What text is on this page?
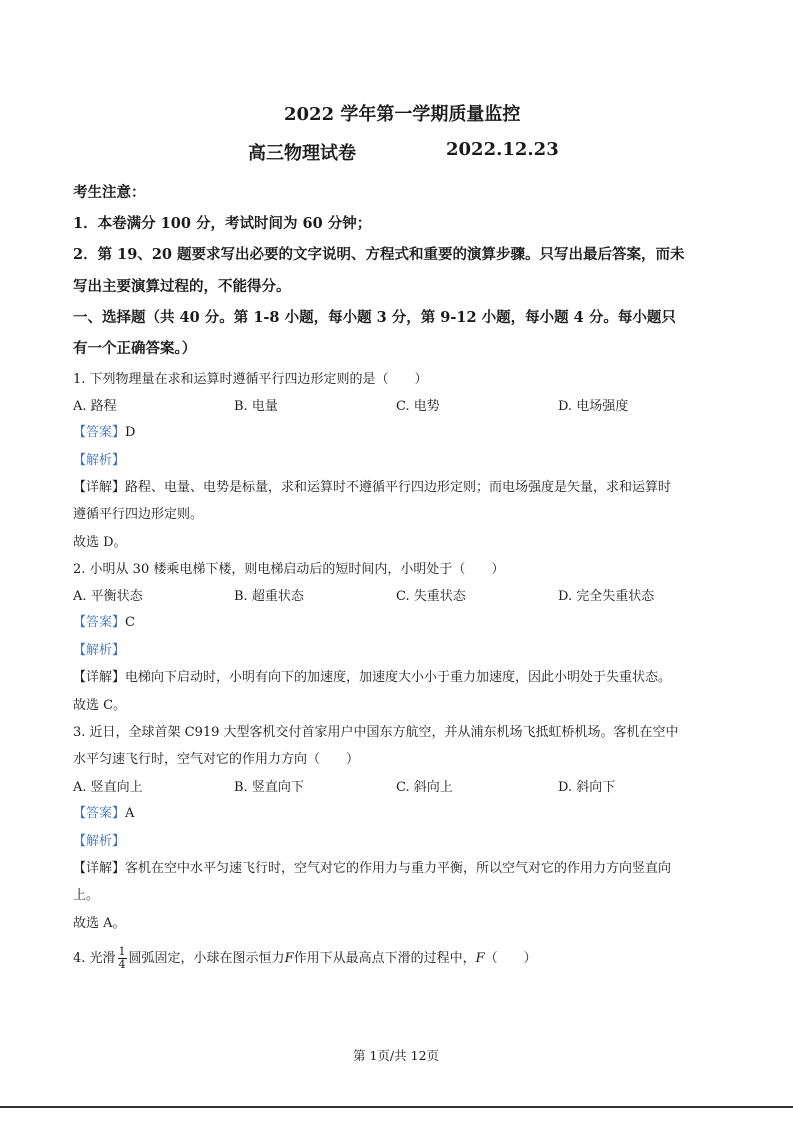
2022 学年第一学期质量监控
高三物理试卷	2022.12.23
考生注意：
1．本卷满分 100 分，考试时间为 60 分钟；
2．第 19、20 题要求写出必要的文字说明、方程式和重要的演算步骤。只写出最后答案，而未
写出主要演算过程的，不能得分。
一、选择题（共 40 分。第 1-8 小题，每小题 3 分，第 9-12 小题，每小题 4 分。每小题只
有一个正确答案。）
1. 下列物理量在求和运算时遵循平行四边形定则的是（　　）
A. 路程	B. 电量	C. 电势	D. 电场强度
【答案】D
【解析】
【详解】路程、电量、电势是标量，求和运算时不遵循平行四边形定则；而电场强度是矢量，求和运算时
遵循平行四边形定则。
故选 D。
2. 小明从 30 楼乘电梯下楼，则电梯启动后的短时间内，小明处于（　　）
A. 平衡状态	B. 超重状态	C. 失重状态	D. 完全失重状态
【答案】C
【解析】
【详解】电梯向下启动时，小明有向下的加速度，加速度大小小于重力加速度，因此小明处于失重状态。
故选 C。
3. 近日，全球首架 C919 大型客机交付首家用户中国东方航空，并从浦东机场飞抵虹桥机场。客机在空中
水平匀速飞行时，空气对它的作用力方向（　　）
A. 竖直向上	B. 竖直向下	C. 斜向上	D. 斜向下
【答案】A
【解析】
【详解】客机在空中水平匀速飞行时，空气对它的作用力与重力平衡，所以空气对它的作用力方向竖直向
上。
故选 A。
4. 光滑 $\frac{1}{4}$ 圆弧固定，小球在图示恒力F作用下从最高点下滑的过程中，F（　　）
第 1页/共 12页
